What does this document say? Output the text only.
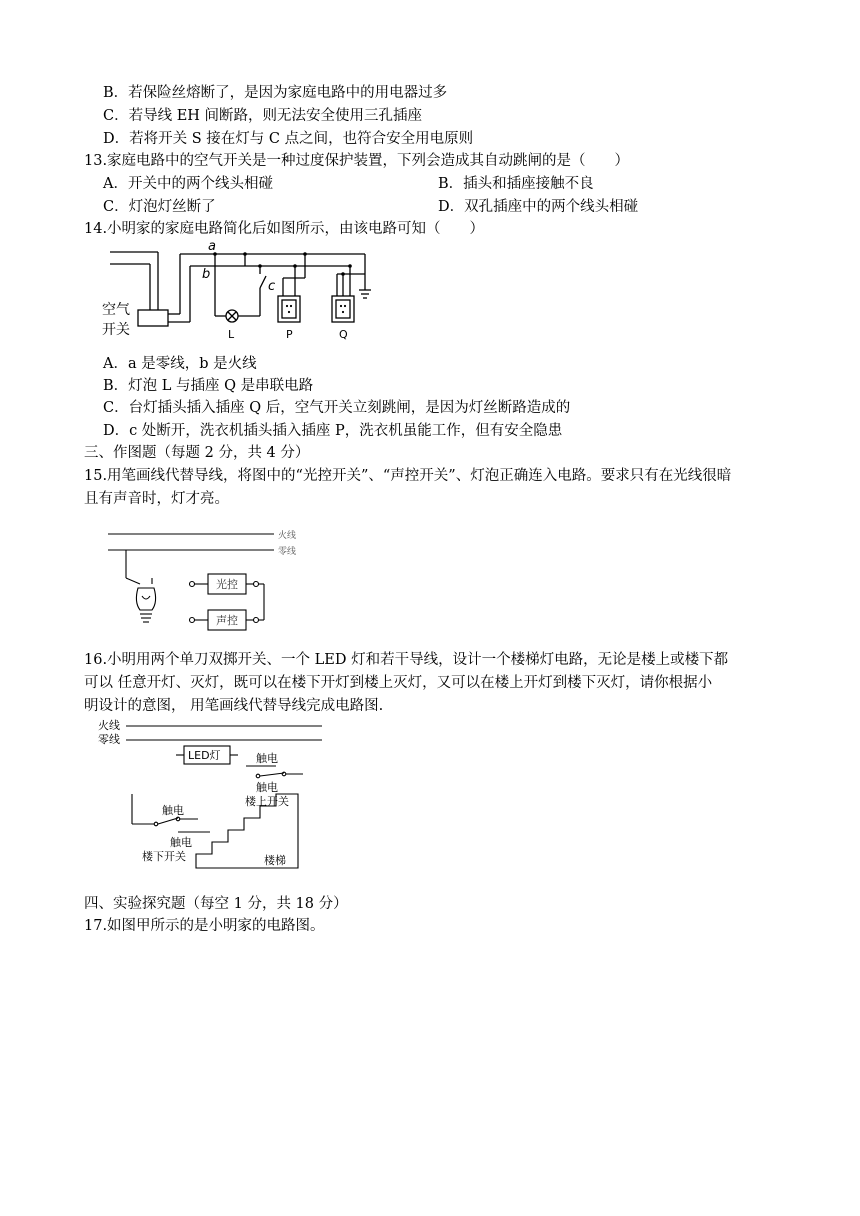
B．若保险丝熔断了，是因为家庭电路中的用电器过多
C．若导线 EH 间断路，则无法安全使用三孔插座
D．若将开关 S 接在灯与 C 点之间，也符合安全用电原则
13.家庭电路中的空气开关是一种过度保护装置，下列会造成其自动跳闸的是（　　）
A．开关中的两个线头相碰	B．插头和插座接触不良
C．灯泡灯丝断了	D．双孔插座中的两个线头相碰
14.小明家的家庭电路简化后如图所示，由该电路可知（　　）
a
b
c
空气
开关	L	P	Q
A．a 是零线，b 是火线
B．灯泡 L 与插座 Q 是串联电路
C．台灯插头插入插座 Q 后，空气开关立刻跳闸，是因为灯丝断路造成的
D．c 处断开，洗衣机插头插入插座 P，洗衣机虽能工作，但有安全隐患
三、作图题（每题 2 分，共 4 分）
15.用笔画线代替导线，将图中的“光控开关”、“声控开关”、灯泡正确连入电路。要求只有在光线很暗
且有声音时，灯才亮。
火线
零线
光控
声控
16.小明用两个单刀双掷开关、一个 LED 灯和若干导线，设计一个楼梯灯电路，无论是楼上或楼下都
可以 任意开灯、灭灯，既可以在楼下开灯到楼上灭灯，又可以在楼上开灯到楼下灭灯，请你根据小
明设计的意图， 用笔画线代替导线完成电路图.
火线
零线
LED灯	触电
触电
楼上开关
触电
触电
楼下开关	楼梯
四、实验探究题（每空 1 分，共 18 分）
17.如图甲所示的是小明家的电路图。
